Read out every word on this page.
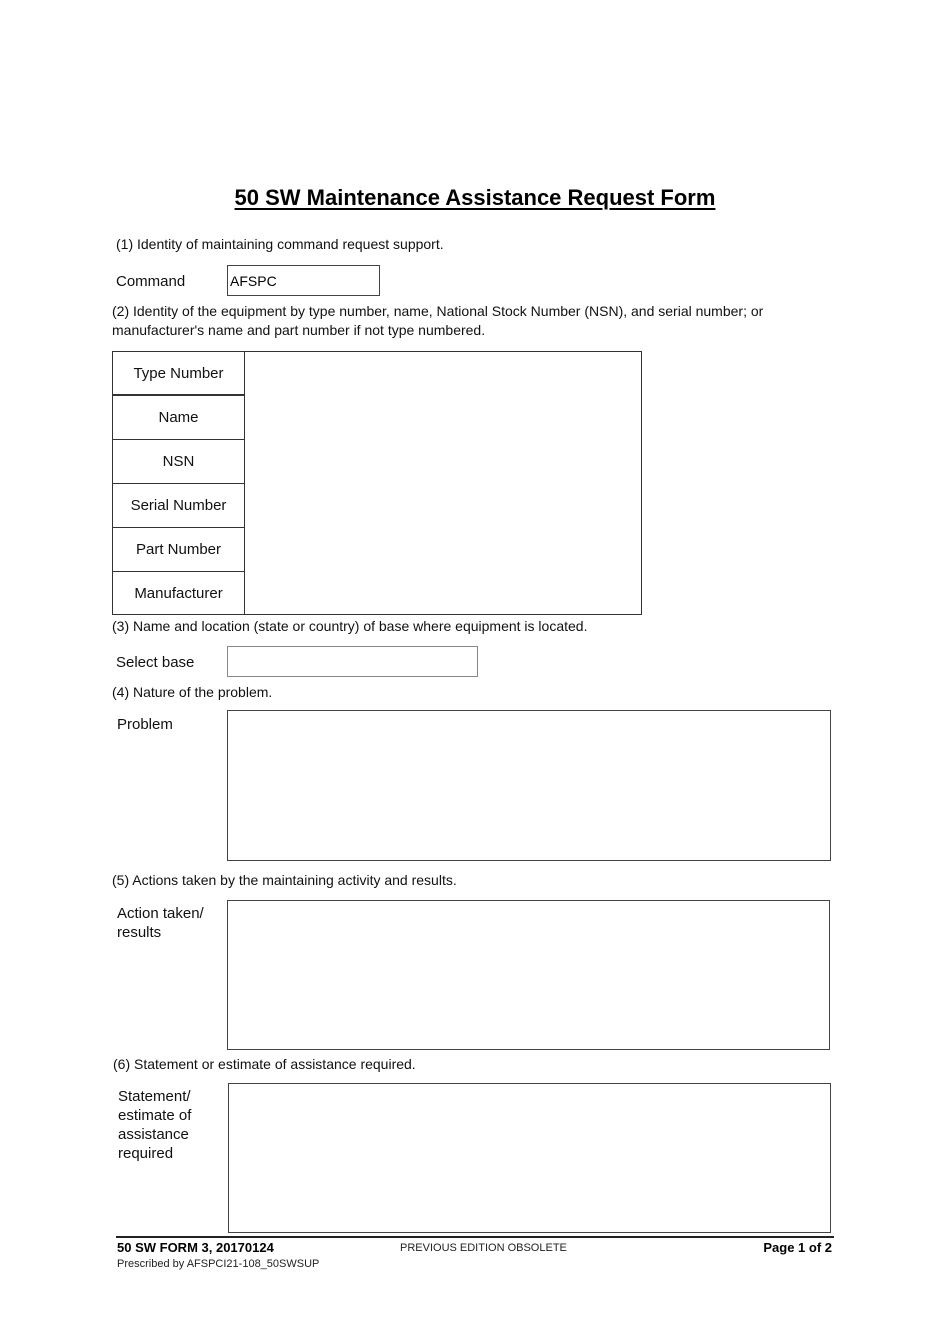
50 SW Maintenance Assistance Request Form
(1) Identity of maintaining command request support.
Command	AFSPC
(2) Identity of the equipment by type number, name, National Stock Number (NSN), and serial number; or manufacturer's name and part number if not type numbered.
Type Number
Name
NSN
Serial Number
Part Number
Manufacturer
(3) Name and location (state or country) of base where equipment is located.
Select base
(4) Nature of the problem.
Problem
(5) Actions taken by the maintaining activity and results.
Action taken/
results
(6) Statement or estimate of assistance required.
Statement/
estimate of
assistance
required
50 SW FORM 3, 20170124
Prescribed by AFSPCI21-108_50SWSUP
PREVIOUS EDITION OBSOLETE	Page 1 of 2
